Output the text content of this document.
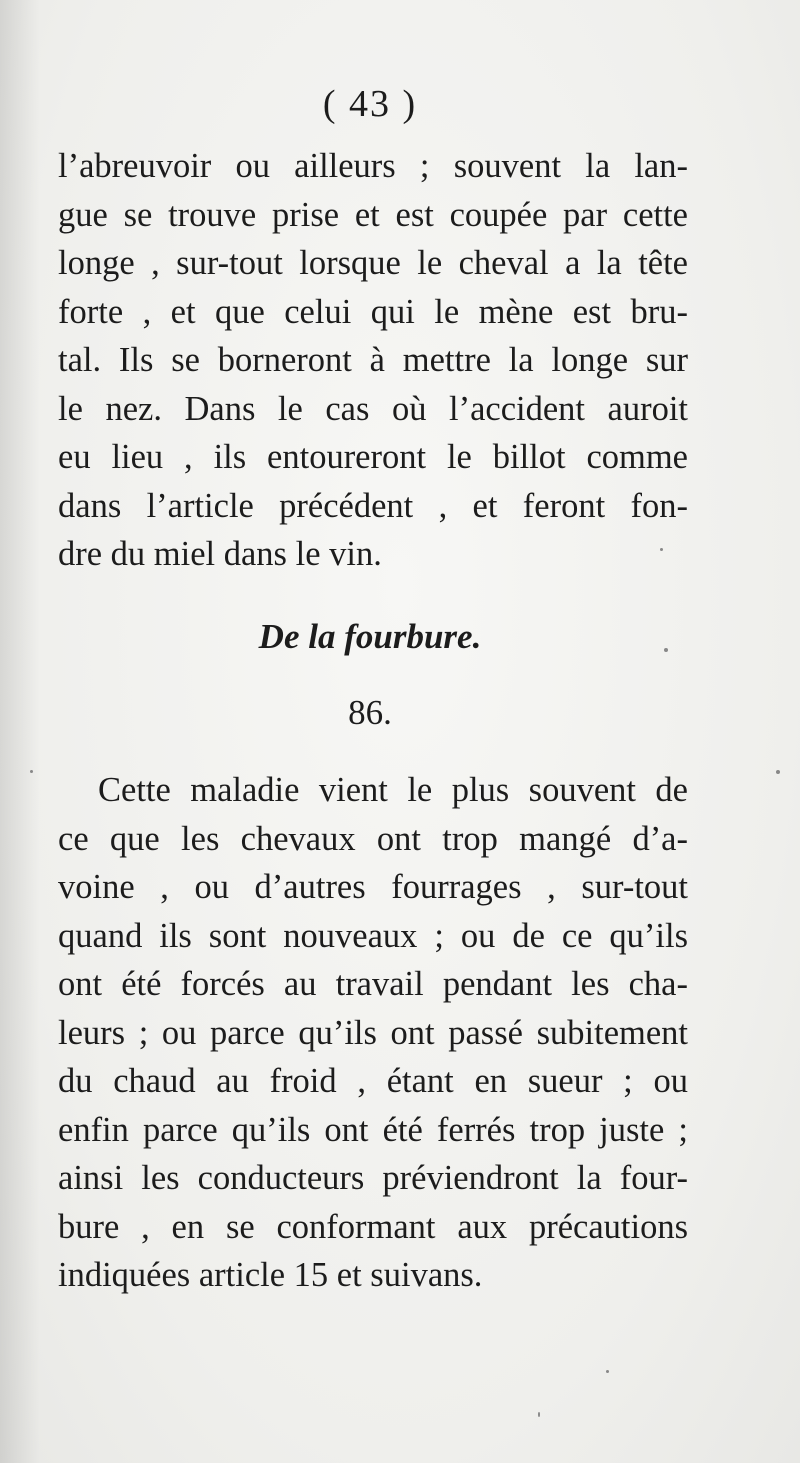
( 43 )
l’abreuvoir ou ailleurs ; souvent la lan-
gue se trouve prise et est coupée par cette
longe , sur-tout lorsque le cheval a la tête
forte , et que celui qui le mène est bru-
tal. Ils se borneront à mettre la longe sur
le nez. Dans le cas où l’accident auroit
eu lieu , ils entoureront le billot comme
dans l’article précédent , et feront fon-
dre du miel dans le vin.
De la fourbure.
86.
Cette maladie vient le plus souvent de
ce que les chevaux ont trop mangé d’a-
voine , ou d’autres fourrages , sur-tout
quand ils sont nouveaux ; ou de ce qu’ils
ont été forcés au travail pendant les cha-
leurs ; ou parce qu’ils ont passé subitement
du chaud au froid , étant en sueur ; ou
enfin parce qu’ils ont été ferrés trop juste ;
ainsi les conducteurs préviendront la four-
bure , en se conformant aux précautions
indiquées article 15 et suivans.
